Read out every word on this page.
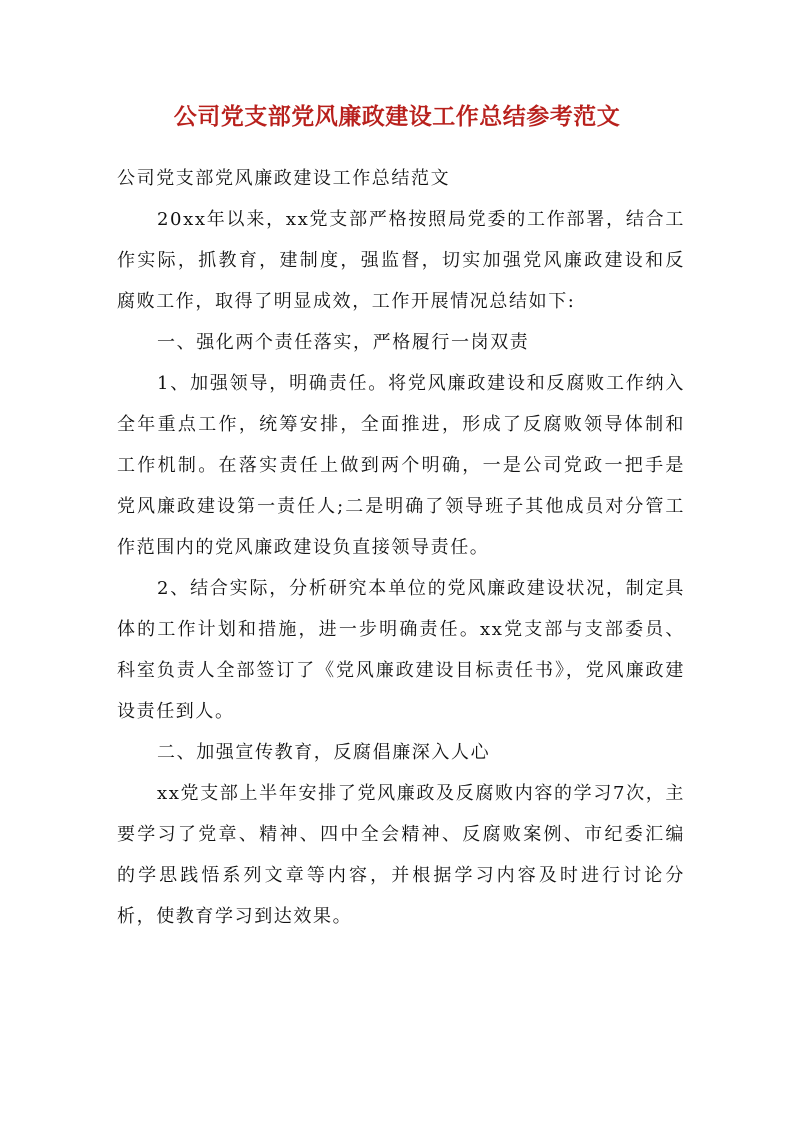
公司党支部党风廉政建设工作总结参考范文

公司党支部党风廉政建设工作总结范文

20xx年以来，xx党支部严格按照局党委的工作部署，结合工作实际，抓教育，建制度，强监督，切实加强党风廉政建设和反腐败工作，取得了明显成效，工作开展情况总结如下:

一、强化两个责任落实，严格履行一岗双责

1、加强领导，明确责任。将党风廉政建设和反腐败工作纳入全年重点工作，统筹安排，全面推进，形成了反腐败领导体制和工作机制。在落实责任上做到两个明确，一是公司党政一把手是党风廉政建设第一责任人;二是明确了领导班子其他成员对分管工作范围内的党风廉政建设负直接领导责任。

2、结合实际，分析研究本单位的党风廉政建设状况，制定具体的工作计划和措施，进一步明确责任。xx党支部与支部委员、科室负责人全部签订了《党风廉政建设目标责任书》，党风廉政建设责任到人。

二、加强宣传教育，反腐倡廉深入人心

xx党支部上半年安排了党风廉政及反腐败内容的学习7次，主要学习了党章、精神、四中全会精神、反腐败案例、市纪委汇编的学思践悟系列文章等内容，并根据学习内容及时进行讨论分析，使教育学习到达效果。
